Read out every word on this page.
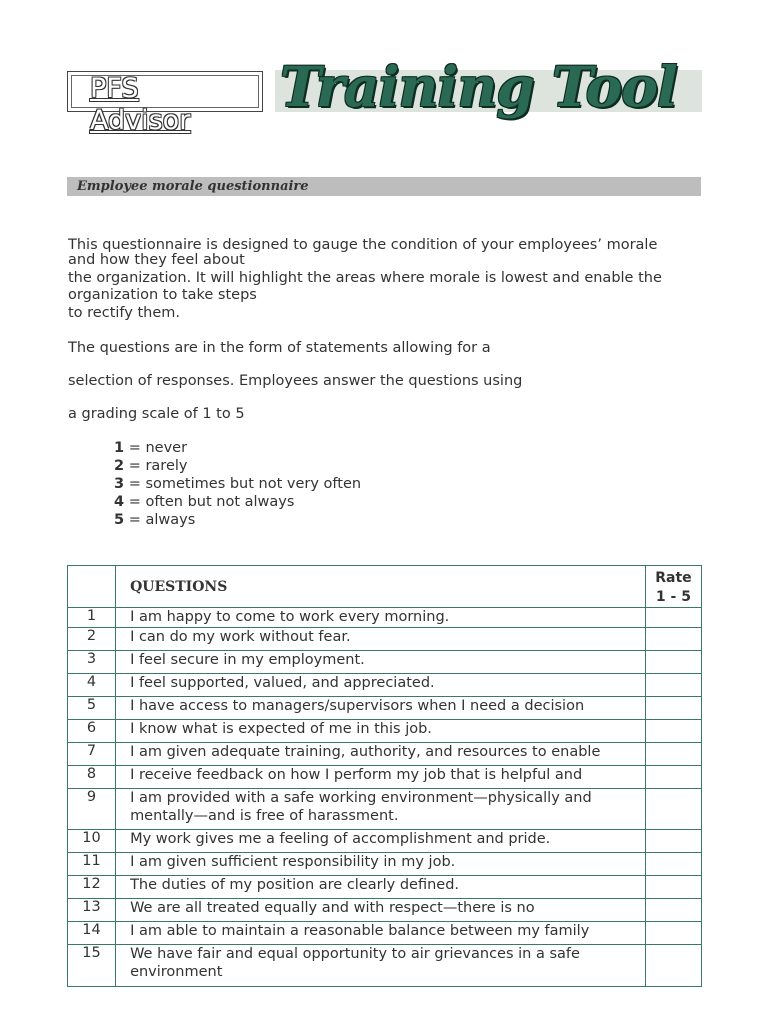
PFS
Advisor
Training Tool
Employee morale questionnaire
This questionnaire is designed to gauge the condition of your employees’ morale
and how they feel about
the organization. It will highlight the areas where morale is lowest and enable the
organization to take steps
to rectify them.
The questions are in the form of statements allowing for a
selection of responses. Employees answer the questions using
a grading scale of 1 to 5
1 = never
2 = rarely
3 = sometimes but not very often
4 = often but not always
5 = always
	QUESTIONS	Rate
1 - 5

1	I am happy to come to work every morning.	

2	I can do my work without fear.	

3	I feel secure in my employment.	

4	I feel supported, valued, and appreciated.	

5	I have access to managers/supervisors when I need a decision	

6	I know what is expected of me in this job.	

7	I am given adequate training, authority, and resources to enable	

8	I receive feedback on how I perform my job that is helpful and	

9	I am provided with a safe working environment—physically and mentally—and is free of harassment.	

10	My work gives me a feeling of accomplishment and pride.	

11	I am given sufficient responsibility in my job.	

12	The duties of my position are clearly defined.	

13	We are all treated equally and with respect—there is no	

14	I am able to maintain a reasonable balance between my family	

15	We have fair and equal opportunity to air grievances in a safe environment	
